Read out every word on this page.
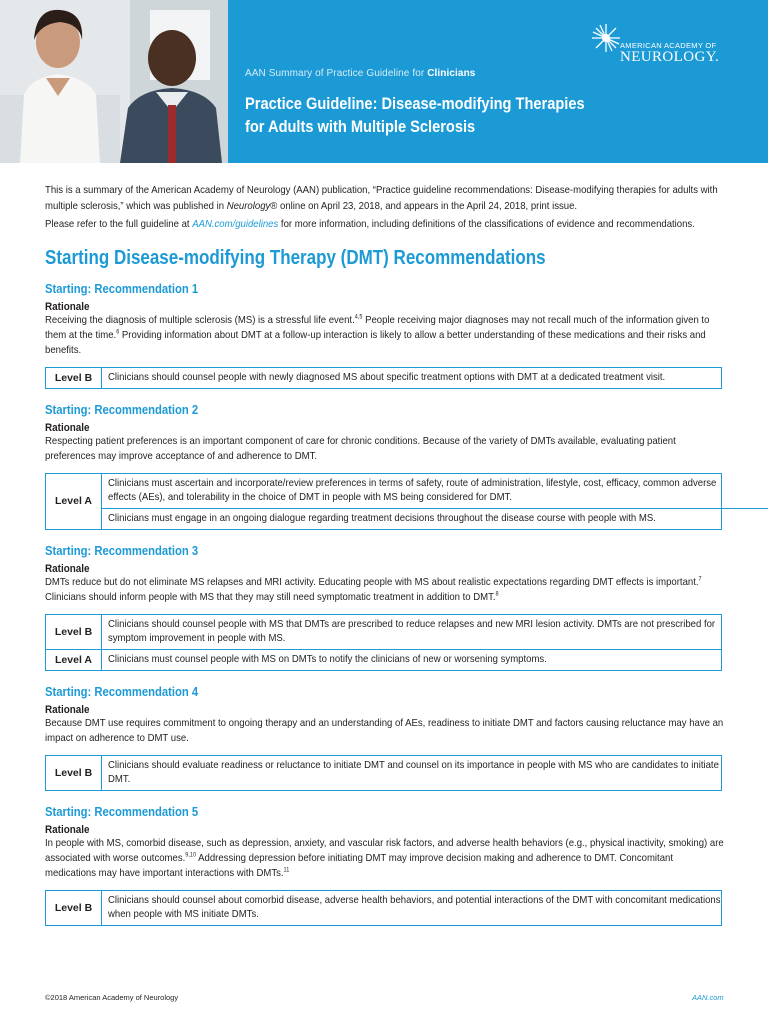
AAN Summary of Practice Guideline for Clinicians
Practice Guideline: Disease-modifying Therapies
for Adults with Multiple Sclerosis
AMERICAN ACADEMY OF
NEUROLOGY.

This is a summary of the American Academy of Neurology (AAN) publication, “Practice guideline recommendations: Disease-modifying therapies for adults with multiple sclerosis,” which was published in Neurology® online on April 23, 2018, and appears in the April 24, 2018, print issue.

Please refer to the full guideline at AAN.com/guidelines for more information, including definitions of the classifications of evidence and recommendations.

Starting Disease-modifying Therapy (DMT) Recommendations
Starting: Recommendation 1
Rationale
Receiving the diagnosis of multiple sclerosis (MS) is a stressful life event.$^{4,5}$ People receiving major diagnoses may not recall much of the information given to them at the time.$^6$ Providing information about DMT at a follow-up interaction is likely to allow a better understanding of these medications and their risks and benefits.
Level B	Clinicians should counsel people with newly diagnosed MS about specific treatment options with DMT at a dedicated treatment visit.
Starting: Recommendation 2
Rationale
Respecting patient preferences is an important component of care for chronic conditions. Because of the variety of DMTs available, evaluating patient preferences may improve acceptance of and adherence to DMT.
Level A
Clinicians must ascertain and incorporate/review preferences in terms of safety, route of administration, lifestyle, cost, efficacy, common adverse effects (AEs), and tolerability in the choice of DMT in people with MS being considered for DMT.
Clinicians must engage in an ongoing dialogue regarding treatment decisions throughout the disease course with people with MS.
Starting: Recommendation 3
Rationale
DMTs reduce but do not eliminate MS relapses and MRI activity. Educating people with MS about realistic expectations regarding DMT effects is important.$^7$ Clinicians should inform people with MS that they may still need symptomatic treatment in addition to DMT.$^8$
Level B
Clinicians should counsel people with MS that DMTs are prescribed to reduce relapses and new MRI lesion activity. DMTs are not prescribed for symptom improvement in people with MS.
Level A	Clinicians must counsel people with MS on DMTs to notify the clinicians of new or worsening symptoms.
Starting: Recommendation 4
Rationale
Because DMT use requires commitment to ongoing therapy and an understanding of AEs, readiness to initiate DMT and factors causing reluctance may have an impact on adherence to DMT use.
Level B
Clinicians should evaluate readiness or reluctance to initiate DMT and counsel on its importance in people with MS who are candidates to initiate DMT.
Starting: Recommendation 5
Rationale
In people with MS, comorbid disease, such as depression, anxiety, and vascular risk factors, and adverse health behaviors (e.g., physical inactivity, smoking) are associated with worse outcomes.$^{9,10}$ Addressing depression before initiating DMT may improve decision making and adherence to DMT. Concomitant medications may have important interactions with DMTs.$^{11}$
Level B
Clinicians should counsel about comorbid disease, adverse health behaviors, and potential interactions of the DMT with concomitant medications when people with MS initiate DMTs.
©2018 American Academy of Neurology	AAN.com
